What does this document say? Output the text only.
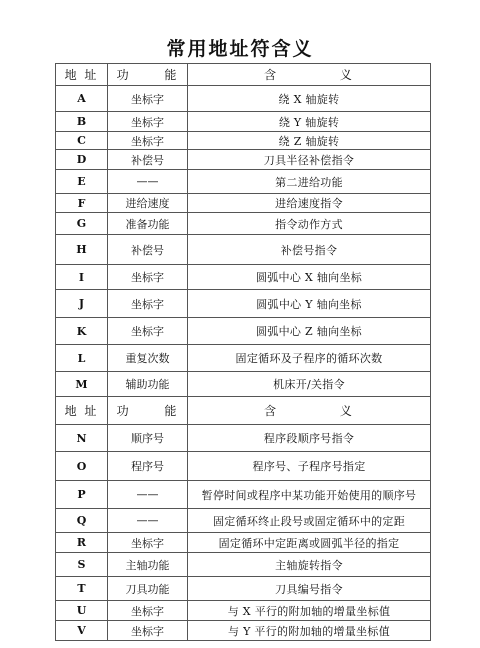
常用地址符含义
地 址	功 能	含 义
A	坐标字	绕 X 轴旋转
B	坐标字	绕 Y 轴旋转
C	坐标字	绕 Z 轴旋转
D	补偿号	刀具半径补偿指令
E	——	第二进给功能
F	进给速度	进给速度指令
G	准备功能	指令动作方式
H	补偿号	补偿号指令
I	坐标字	圆弧中心 X 轴向坐标
J	坐标字	圆弧中心 Y 轴向坐标
K	坐标字	圆弧中心 Z 轴向坐标
L	重复次数	固定循环及子程序的循环次数
M	辅助功能	机床开/关指令
地 址	功 能	含 义
N	顺序号	程序段顺序号指令
O	程序号	程序号、子程序号指定
P	——	暂停时间或程序中某功能开始使用的顺序号
Q	——	固定循环终止段号或固定循环中的定距
R	坐标字	固定循环中定距离或圆弧半径的指定
S	主轴功能	主轴旋转指令
T	刀具功能	刀具编号指令
U	坐标字	与 X 平行的附加轴的增量坐标值
V	坐标字	与 Y 平行的附加轴的增量坐标值
